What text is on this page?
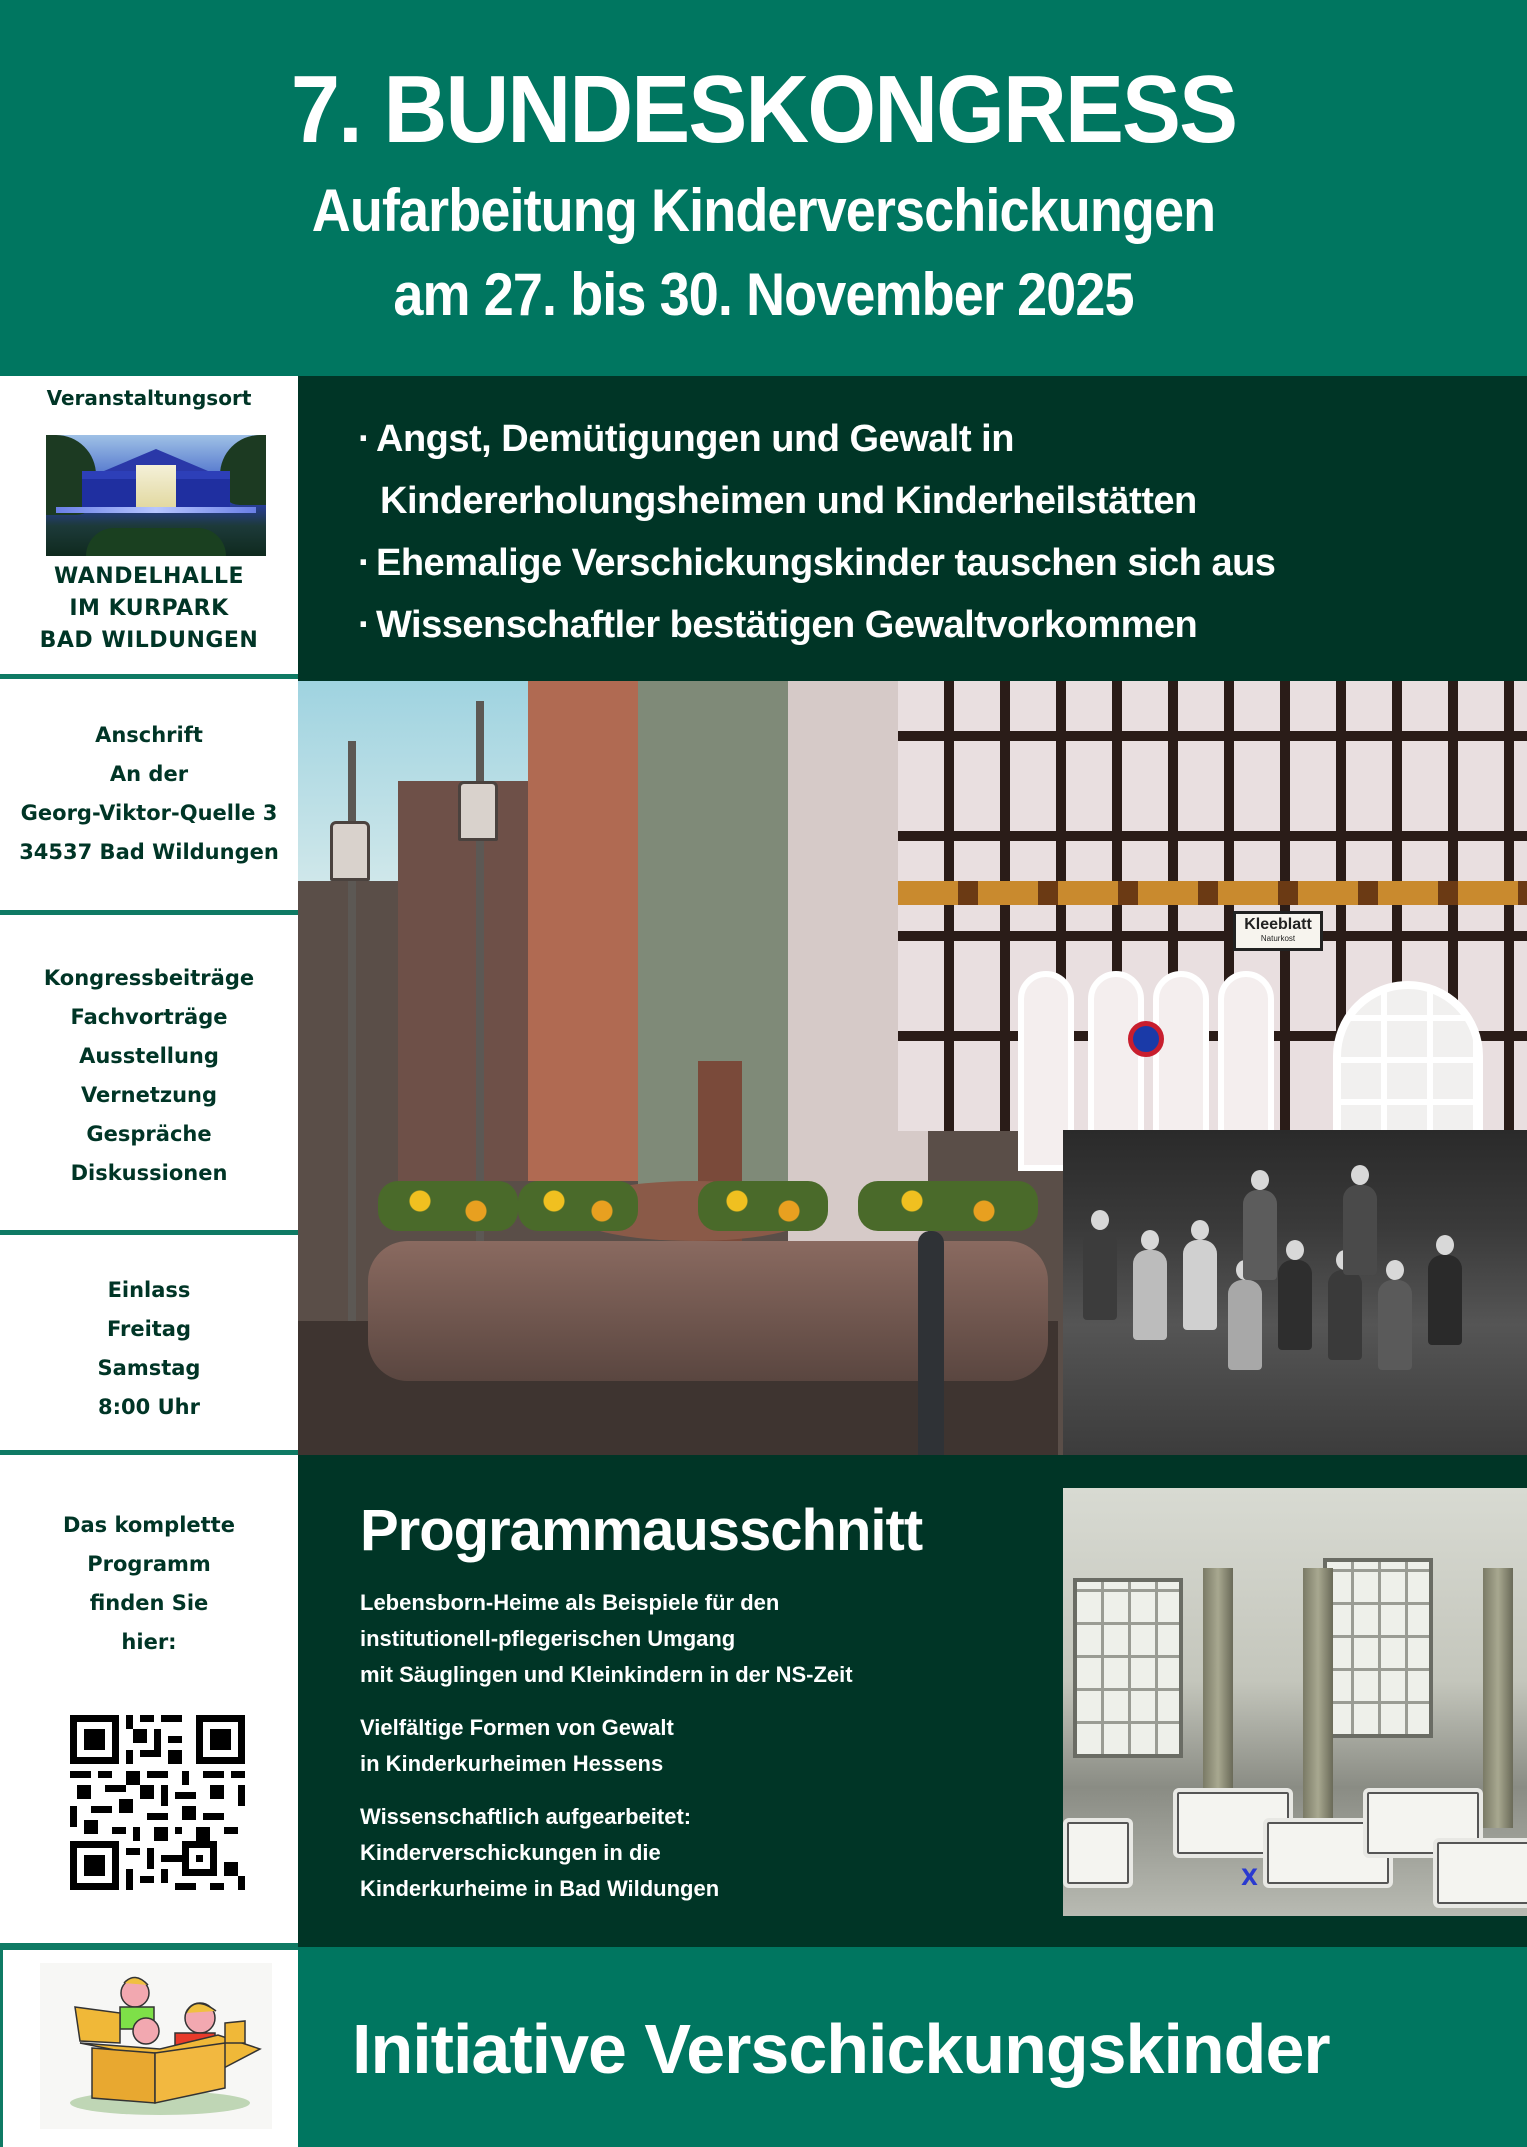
7. BUNDESKONGRESS
Aufarbeitung Kinderverschickungen
am 27. bis 30. November 2025
Veranstaltungsort
WANDELHALLE
IM KURPARK
BAD WILDUNGEN
Anschrift
An der
Georg-Viktor-Quelle 3
34537 Bad Wildungen
Kongressbeiträge
Fachvorträge
Ausstellung
Vernetzung
Gespräche
Diskussionen
Einlass
Freitag
Samstag
8:00 Uhr
Das komplette
Programm
finden Sie
hier:
· Angst, Demütigungen und Gewalt in
Kindererholungsheimen und Kinderheilstätten
· Ehemalige Verschickungskinder tauschen sich aus
· Wissenschaftler bestätigen Gewaltvorkommen
Kleeblatt
Naturkost
Programmausschnitt
Lebensborn-Heime als Beispiele für den
institutionell-pflegerischen Umgang
mit Säuglingen und Kleinkindern in der NS-Zeit
Vielfältige Formen von Gewalt
in Kinderkurheimen Hessens
Wissenschaftlich aufgearbeitet:
Kinderverschickungen in die
Kinderkurheime in Bad Wildungen	X
Initiative Verschickungskinder
